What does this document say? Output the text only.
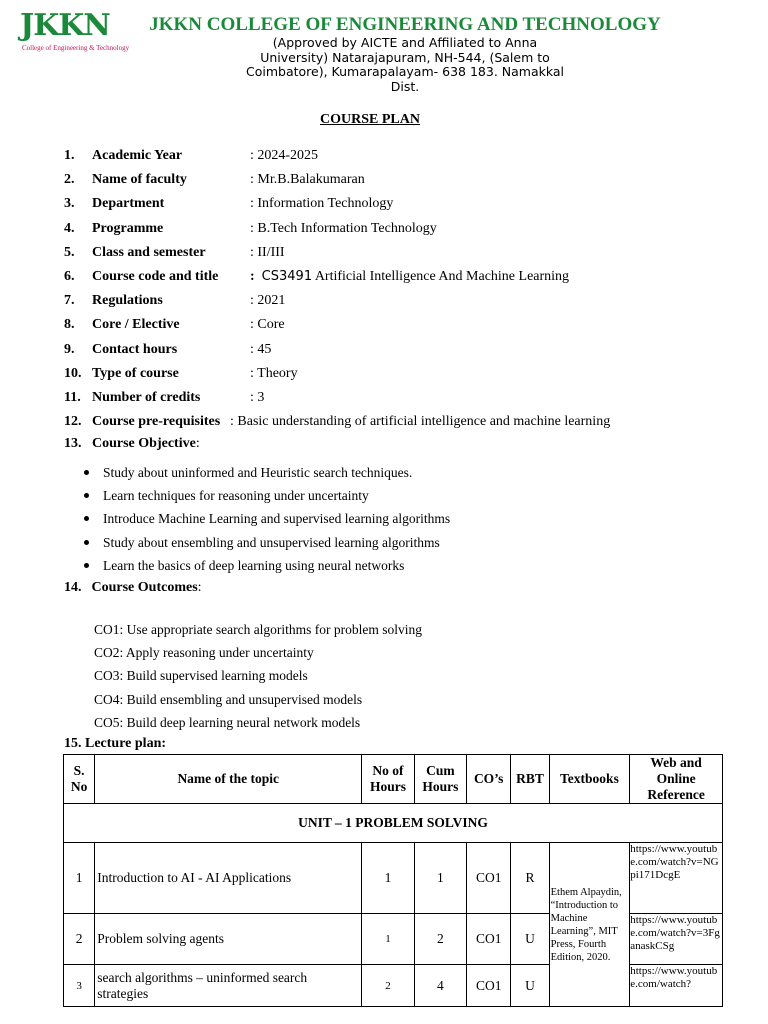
JKKN
College of Engineering & Technology
JKKN COLLEGE OF ENGINEERING AND TECHNOLOGY
(Approved by AICTE and Affiliated to Anna University) Natarajapuram, NH-544, (Salem to Coimbatore), Kumarapalayam- 638 183. Namakkal Dist.
COURSE PLAN
1. Academic Year	: 2024-2025
2. Name of faculty	: Mr.B.Balakumaran
3. Department	: Information Technology
4. Programme	: B.Tech Information Technology
5. Class and semester	: II/III
6. Course code and title :  CS3491 Artificial Intelligence And Machine Learning
7. Regulations	: 2021
8. Core / Elective	: Core
9. Contact hours	: 45
10. Type of course	: Theory
11. Number of credits	: 3
12. Course pre-requisites : Basic understanding of artificial intelligence and machine learning
13. Course Objective:
Study about uninformed and Heuristic search techniques.
Learn techniques for reasoning under uncertainty
Introduce Machine Learning and supervised learning algorithms
Study about ensembling and unsupervised learning algorithms
Learn the basics of deep learning using neural networks
14. Course Outcomes:
CO1: Use appropriate search algorithms for problem solving
CO2: Apply reasoning under uncertainty
CO3: Build supervised learning models
CO4: Build ensembling and unsupervised models
CO5: Build deep learning neural network models
15. Lecture plan:
S. No	Name of the topic	No of Hours	Cum Hours	CO’s	RBT	Textbooks	Web and Online Reference
UNIT – 1 PROBLEM SOLVING							
1	Introduction to AI - AI Applications	1	1	CO1	R	Ethem Alpaydin, “Introduction to Machine Learning”, MIT Press, Fourth Edition, 2020.	https://www.youtube.com/watch?v=NGpi171DcgE
2	Problem solving agents	1	2	CO1	U		https://www.youtube.com/watch?v=3FganaskCSg
3	search algorithms – uninformed search strategies	2	4	CO1	U		https://www.youtube.com/watch?
